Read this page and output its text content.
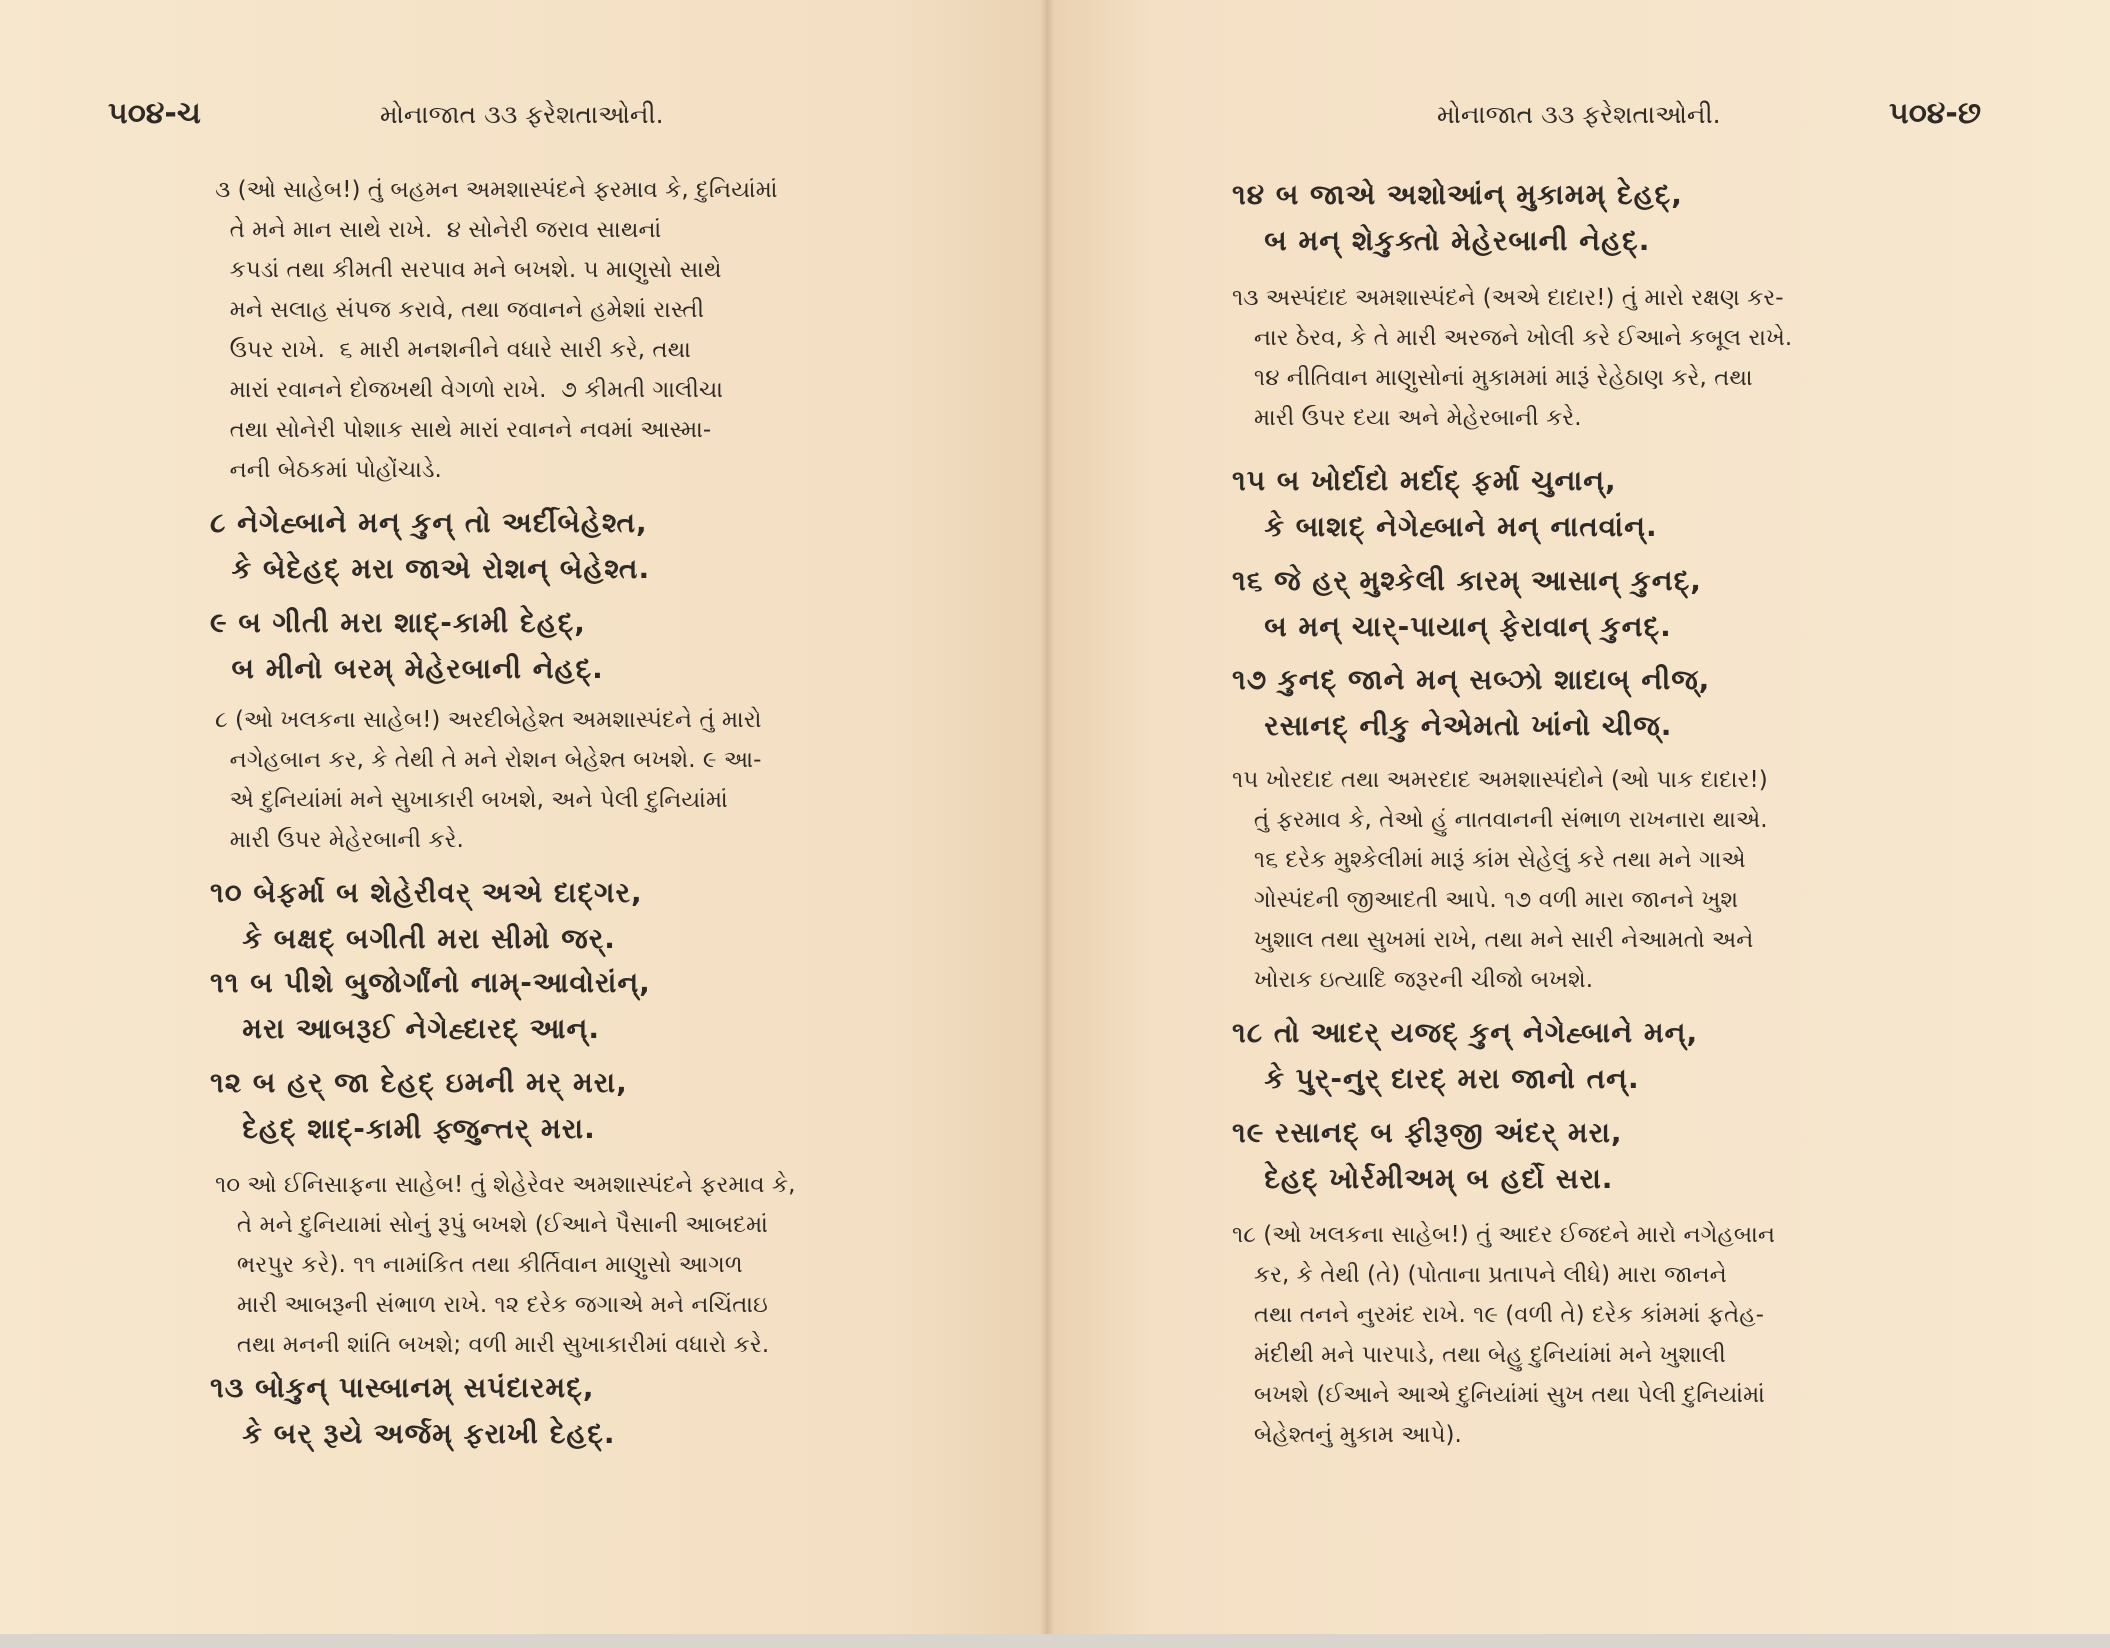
૫૦૪-ચ	મોનાજાત ૩૩ ફરેશતાઓની.
૩ (ઓ સાહેબ!) તું બહમન અમશાસ્પંદને ફરમાવ કે, દુનિયાંમાં
તે મને માન સાથે રાખે.  ૪ સોનેરી જરાવ સાથનાં
કપડાં તથા કીમતી સરપાવ મને બખશે. ૫ માણુસો સાથે
મને સલાહ સંપજ કરાવે, તથા જવાનને હમેશાં રાસ્તી
ઉપર રાખે.  ૬ મારી મનશનીને વધારે સારી કરે, તથા
મારાં રવાનને દોજખથી વેગળો રાખે.  ૭ કીમતી ગાલીચા
તથા સોનેરી પોશાક સાથે મારાં રવાનને નવમાં આસ્મા-
નની બેઠકમાં પોહોંચાડે.
૮ નેગેહ્બાને મન્ કુન્ તો અર્દીબેહેશ્ત,
કે બેદેહદ્ મરા જાએ રોશન્ બેહેશ્ત.
૯ બ ગીતી મરા શાદ્-કામી દેહદ્,
બ મીનો બરમ્ મેહેરબાની નેહદ્.
૮ (ઓ ખલકના સાહેબ!) અરદીબેહેશ્ત અમશાસ્પંદને તું મારો
નગેહબાન કર, કે તેથી તે મને રોશન બેહેશ્ત બખશે. ૯ આ-
એ દુનિયાંમાં મને સુખાકારી બખશે, અને પેલી દુનિયાંમાં
મારી ઉપર મેહેરબાની કરે.
૧૦ બેફર્મા બ શેહેરીવર્ અએ દાદ્ગર,
કે બક્ષદ્ બગીતી મરા સીમો જર્.
૧૧ બ પીશે બુજોર્ગાંનો નામ્-આવોરાંન્,
મરા આબરૂઈ નેગેહ્દારદ્ આન્.
૧૨ બ હર્ જા દેહદ્ ઇમની મર્ મરા,
દેહદ્ શાદ્-કામી ફ્જુન્તર્ મરા.
૧૦ ઓ ઈનિસાફના સાહેબ! તું શેહેરેવર અમશાસ્પંદને ફરમાવ કે,
તે મને દુનિયામાં સોનું રૂપું બખશે (ઈઆને પૈસાની આબદમાં
ભરપુર કરે). ૧૧ નામાંકિત તથા કીર્તિવાન માણુસો આગળ
મારી આબરૂની સંભાળ રાખે. ૧૨ દરેક જગાએ મને નચિંતાઇ
તથા મનની શાંતિ બખશે; વળી મારી સુખાકારીમાં વધારો કરે.
૧૩ બોકુન્ પાસ્બાનમ્ સપંદારમદ્,
કે બર્ રૂયે અર્જમ્ ફરાખી દેહદ્.
મોનાજાત ૩૩ ફરેશતાઓની.	૫૦૪-છ
૧૪ બ જાએ અશોઆંન્ મુકામમ્ દેહદ્,
બ મન્ શેકુક્તો મેહેરબાની નેહદ્.
૧૩ અસ્પંદાદ અમશાસ્પંદને (અએ દાદાર!) તું મારો રક્ષણ કર-
નાર ઠેરવ, કે તે મારી અરજને ખોલી કરે ઈઆને કબૂલ રાખે.
૧૪ નીતિવાન માણુસોનાં મુકામમાં મારૂં રેહેઠાણ કરે, તથા
મારી ઉપર દયા અને મેહેરબાની કરે.
૧૫ બ ખોર્દાદો મર્દાદ્ ફર્મા ચુનાન્,
કે બાશદ્ નેગેહ્બાને મન્ નાતવાંન્.
૧૬ જે હર્ મુશ્કેલી કારમ્ આસાન્ કુનદ્,
બ મન્ ચાર્-પાયાન્ ફેરાવાન્ કુનદ્.
૧૭ કુનદ્ જાને મન્ સબ્ઝો શાદાબ્ નીજ્,
રસાનદ્ નીકુ નેએમતો ખાંનો ચીજ્.
૧૫ ખોરદાદ તથા અમરદાદ અમશાસ્પંદોને (ઓ પાક દાદાર!)
તું ફરમાવ કે, તેઓ હું નાતવાનની સંભાળ રાખનારા થાએ.
૧૬ દરેક મુશ્કેલીમાં મારૂં કાંમ સેહેલું કરે તથા મને ગાએ
ગોસ્પંદની જીઆદતી આપે. ૧૭ વળી મારા જાનને ખુશ
ખુશાલ તથા સુખમાં રાખે, તથા મને સારી નેઆમતો અને
ખોરાક ઇત્યાદિ જરૂરની ચીજો બખશે.
૧૮ તો આદર્ યજદ્ કુન્ નેગેહ્બાને મન્,
કે પુર્-નુર્ દારદ્ મરા જાનો તન્.
૧૯ રસાનદ્ બ ફીરૂજી અંદર્ મરા,
દેહદ્ ખોર્રમીઅમ્ બ હર્દો સરા.
૧૮ (ઓ ખલકના સાહેબ!) તું આદર ઈજદને મારો નગેહબાન
કર, કે તેથી (તે) (પોતાના પ્રતાપને લીધે) મારા જાનને
તથા તનને નુરમંદ રાખે. ૧૯ (વળી તે) દરેક કાંમમાં ફતેહ-
મંદીથી મને પારપાડે, તથા બેહુ દુનિયાંમાં મને ખુશાલી
બખશે (ઈઆને આએ દુનિયાંમાં સુખ તથા પેલી દુનિયાંમાં
બેહેશ્તનું મુકામ આપે).
